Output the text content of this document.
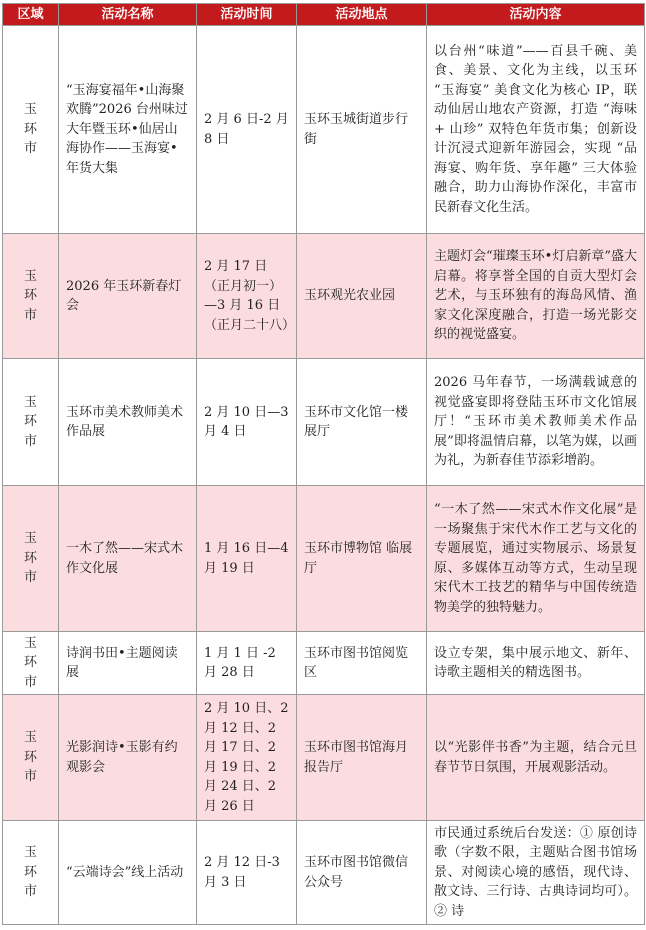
区域	活动名称	活动时间	活动地点	活动内容
玉环市	“玉海宴福年•山海聚欢腾”2026 台州味过大年暨玉环•仙居山海协作——玉海宴•年货大集	2 月 6 日-2 月 8 日	玉环玉城街道步行街	以台州“味道”——百县千碗、美食、美景、文化为主线，以玉环 “玉海宴” 美食文化为核心 IP，联动仙居山地农产资源，打造 “海味 + 山珍” 双特色年货市集；创新设计沉浸式迎新年游园会，实现 “品海宴、购年货、享年趣” 三大体验融合，助力山海协作深化，丰富市民新春文化生活。
玉环市	2026 年玉环新春灯会	2 月 17 日（正月初一）—3 月 16 日（正月二十八）	玉环观光农业园	主题灯会“璀璨玉环•灯启新章”盛大启幕。将享誉全国的自贡大型灯会艺术，与玉环独有的海岛风情、渔家文化深度融合，打造一场光影交织的视觉盛宴。
玉环市	玉环市美术教师美术作品展	2 月 10 日—3 月 4 日	玉环市文化馆一楼展厅	2026 马年春节，一场满载诚意的视觉盛宴即将登陆玉环市文化馆展厅！“玉环市美术教师美术作品展”即将温情启幕，以笔为媒，以画为礼，为新春佳节添彩增韵。
玉环市	一木了然——宋式木作文化展	1 月 16 日—4 月 19 日	玉环市博物馆 临展厅	“一木了然——宋式木作文化展”是一场聚焦于宋代木作工艺与文化的专题展览，通过实物展示、场景复原、多媒体互动等方式，生动呈现宋代木工技艺的精华与中国传统造物美学的独特魅力。
玉环市	诗润书田•主题阅读展	1 月 1 日 -2 月 28 日	玉环市图书馆阅览区	设立专架，集中展示地文、新年、诗歌主题相关的精选图书。
玉环市	光影润诗•玉影有约观影会	2 月 10 日、2 月 12 日、2 月 17 日、2 月 19 日、2 月 24 日、2 月 26 日	玉环市图书馆海月报告厅	以“光影伴书香”为主题，结合元旦春节节日氛围，开展观影活动。
玉环市	“云端诗会”线上活动	2 月 12 日-3 月 3 日	玉环市图书馆微信公众号	市民通过系统后台发送：① 原创诗歌（字数不限，主题贴合图书馆场景、对阅读心境的感悟，现代诗、散文诗、三行诗、古典诗词均可）。② 诗
